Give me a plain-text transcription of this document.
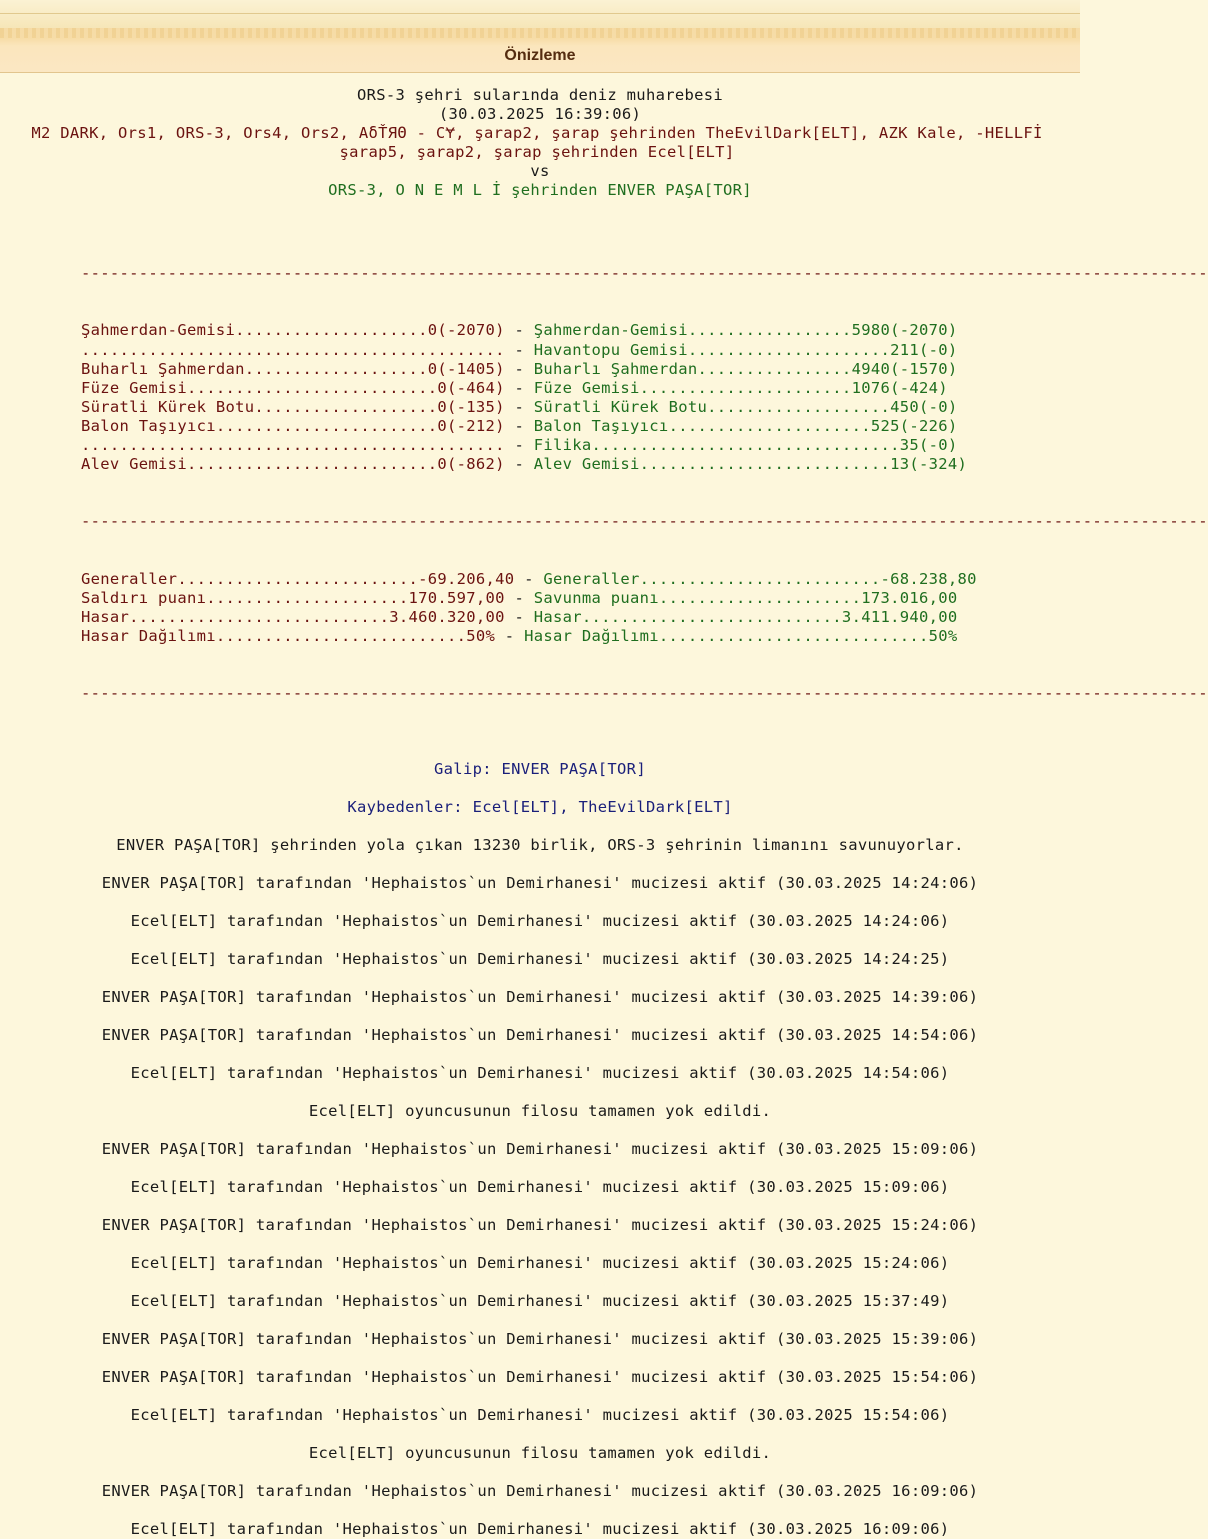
Önizleme
ORS-3 şehri sularında deniz muharebesi
(30.03.2025 16:39:06)
M2 DARK, Ors1, ORS-3, Ors4, Ors2, AδŤЯΘ - CɎ, şarap2, şarap şehrinden TheEvilDark[ELT], AZK Kale, -HELLFİ
şarap5, şarap2, şarap şehrinden Ecel[ELT]
vs
ORS-3, O N E M L İ şehrinden ENVER PAŞA[TOR]

---------------------------------------------------------------------------------------------------------------------

Şahmerdan-Gemisi....................0(-2070) - Şahmerdan-Gemisi.................5980(-2070)
............................................ - Havantopu Gemisi.....................211(-0)
Buharlı Şahmerdan...................0(-1405) - Buharlı Şahmerdan................4940(-1570)
Füze Gemisi..........................0(-464) - Füze Gemisi......................1076(-424)
Süratli Kürek Botu...................0(-135) - Süratli Kürek Botu...................450(-0)
Balon Taşıyıcı.......................0(-212) - Balon Taşıyıcı.....................525(-226)
............................................ - Filika................................35(-0)
Alev Gemisi..........................0(-862) - Alev Gemisi..........................13(-324)

---------------------------------------------------------------------------------------------------------------------

Generaller.........................-69.206,40 - Generaller.........................-68.238,80
Saldırı puanı.....................170.597,00 - Savunma puanı.....................173.016,00
Hasar...........................3.460.320,00 - Hasar...........................3.411.940,00
Hasar Dağılımı..........................50% - Hasar Dağılımı............................50%

---------------------------------------------------------------------------------------------------------------------

Galip: ENVER PAŞA[TOR]
Kaybedenler: Ecel[ELT], TheEvilDark[ELT]
ENVER PAŞA[TOR] şehrinden yola çıkan 13230 birlik, ORS-3 şehrinin limanını savunuyorlar.
ENVER PAŞA[TOR] tarafından 'Hephaistos`un Demirhanesi' mucizesi aktif (30.03.2025 14:24:06)
Ecel[ELT] tarafından 'Hephaistos`un Demirhanesi' mucizesi aktif (30.03.2025 14:24:06)
Ecel[ELT] tarafından 'Hephaistos`un Demirhanesi' mucizesi aktif (30.03.2025 14:24:25)
ENVER PAŞA[TOR] tarafından 'Hephaistos`un Demirhanesi' mucizesi aktif (30.03.2025 14:39:06)
ENVER PAŞA[TOR] tarafından 'Hephaistos`un Demirhanesi' mucizesi aktif (30.03.2025 14:54:06)
Ecel[ELT] tarafından 'Hephaistos`un Demirhanesi' mucizesi aktif (30.03.2025 14:54:06)
Ecel[ELT] oyuncusunun filosu tamamen yok edildi.
ENVER PAŞA[TOR] tarafından 'Hephaistos`un Demirhanesi' mucizesi aktif (30.03.2025 15:09:06)
Ecel[ELT] tarafından 'Hephaistos`un Demirhanesi' mucizesi aktif (30.03.2025 15:09:06)
ENVER PAŞA[TOR] tarafından 'Hephaistos`un Demirhanesi' mucizesi aktif (30.03.2025 15:24:06)
Ecel[ELT] tarafından 'Hephaistos`un Demirhanesi' mucizesi aktif (30.03.2025 15:24:06)
Ecel[ELT] tarafından 'Hephaistos`un Demirhanesi' mucizesi aktif (30.03.2025 15:37:49)
ENVER PAŞA[TOR] tarafından 'Hephaistos`un Demirhanesi' mucizesi aktif (30.03.2025 15:39:06)
ENVER PAŞA[TOR] tarafından 'Hephaistos`un Demirhanesi' mucizesi aktif (30.03.2025 15:54:06)
Ecel[ELT] tarafından 'Hephaistos`un Demirhanesi' mucizesi aktif (30.03.2025 15:54:06)
Ecel[ELT] oyuncusunun filosu tamamen yok edildi.
ENVER PAŞA[TOR] tarafından 'Hephaistos`un Demirhanesi' mucizesi aktif (30.03.2025 16:09:06)
Ecel[ELT] tarafından 'Hephaistos`un Demirhanesi' mucizesi aktif (30.03.2025 16:09:06)
